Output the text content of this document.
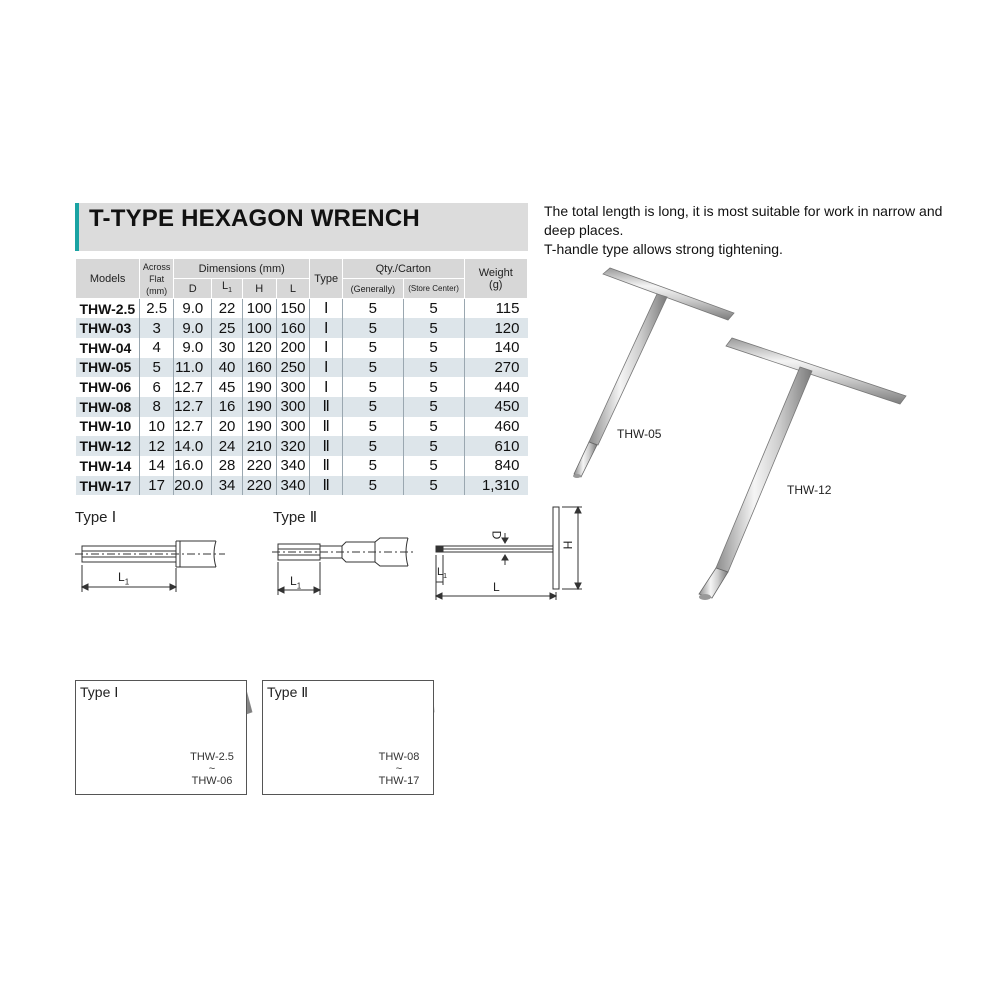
T-TYPE HEXAGON WRENCH	The total length is long, it is most suitable for work in narrow and
deep places.
T-handle type allows strong tightening.
Models	Across
Flat
(mm)	Dimensions (mm)				Type	Qty./Carton		Weight
(g)
		D	$L_1$	H	L		(Generally)	(Store Center)	
THW-2.5	2.5	9.0	22	100	150	Ⅰ	5	5	115
THW-03	3	9.0	25	100	160	Ⅰ	5	5	120
THW-04	4	9.0	30	120	200	Ⅰ	5	5	140
THW-05	5	11.0	40	160	250	Ⅰ	5	5	270
THW-06	6	12.7	45	190	300	Ⅰ	5	5	440
THW-08	8	12.7	16	190	300	Ⅱ	5	5	450
THW-10	10	12.7	20	190	300	Ⅱ	5	5	460
THW-12	12	14.0	24	210	320	Ⅱ	5	5	610
THW-14	14	16.0	28	220	340	Ⅱ	5	5	840
THW-17	17	20.0	34	220	340	Ⅱ	5	5	1,310
Type Ⅰ	Type Ⅱ
$L_1$	$L_1$
$L_1$
D
H
L
THW-05
THW-12
Type Ⅰ
THW-2.5
~
THW-06
Type Ⅱ
THW-08
~
THW-17
